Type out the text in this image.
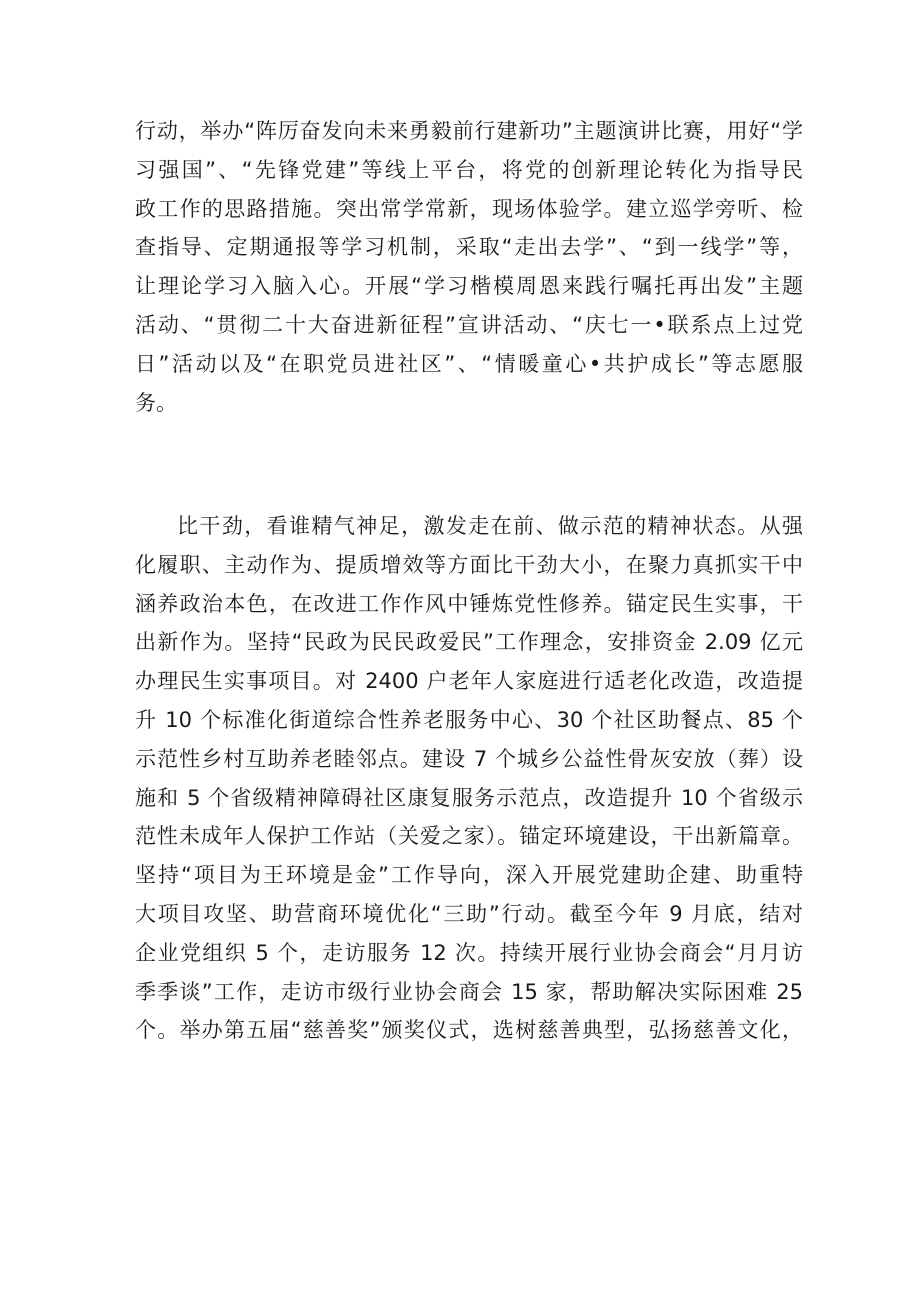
行动，举办“阵厉奋发向未来勇毅前行建新功”主题演讲比赛，用好“学
习强国”、“先锋党建”等线上平台，将党的创新理论转化为指导民
政工作的思路措施。突出常学常新，现场体验学。建立巡学旁听、检
查指导、定期通报等学习机制，采取“走出去学”、“到一线学”等，
让理论学习入脑入心。开展“学习楷模周恩来践行嘱托再出发”主题
活动、“贯彻二十大奋进新征程”宣讲活动、“庆七一•联系点上过党
日”活动以及“在职党员进社区”、“情暖童心•共护成长”等志愿服
务。
比干劲，看谁精气神足，激发走在前、做示范的精神状态。从强
化履职、主动作为、提质增效等方面比干劲大小，在聚力真抓实干中
涵养政治本色，在改进工作作风中锤炼党性修养。锚定民生实事，干
出新作为。坚持“民政为民民政爱民”工作理念，安排资金 2.09 亿元
办理民生实事项目。对 2400 户老年人家庭进行适老化改造，改造提
升 10 个标准化街道综合性养老服务中心、30 个社区助餐点、85 个
示范性乡村互助养老睦邻点。建设 7 个城乡公益性骨灰安放（葬）设
施和 5 个省级精神障碍社区康复服务示范点，改造提升 10 个省级示
范性未成年人保护工作站（关爱之家）。锚定环境建设，干出新篇章。
坚持“项目为王环境是金”工作导向，深入开展党建助企建、助重特
大项目攻坚、助营商环境优化“三助”行动。截至今年 9 月底，结对
企业党组织 5 个，走访服务 12 次。持续开展行业协会商会“月月访
季季谈”工作，走访市级行业协会商会 15 家，帮助解决实际困难 25
个。举办第五届“慈善奖”颁奖仪式，选树慈善典型，弘扬慈善文化，
